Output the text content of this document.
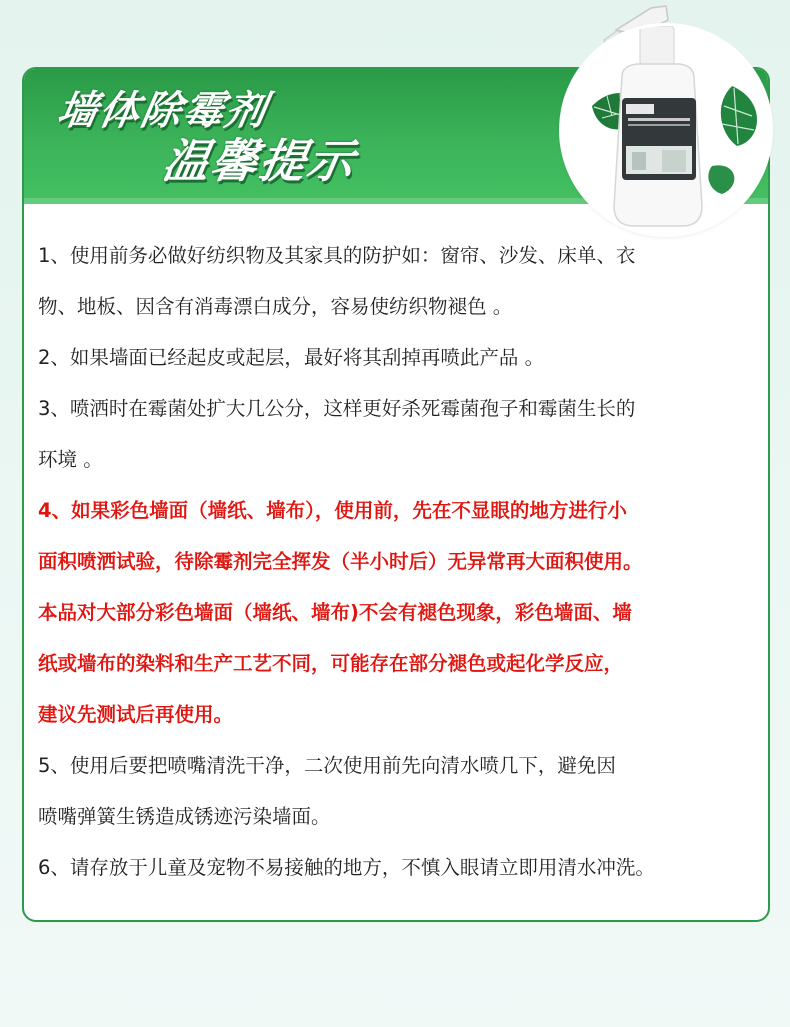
墙体除霉剂
温馨提示

1、使用前务必做好纺织物及其家具的防护如：窗帘、沙发、床单、衣
物、地板、因含有消毒漂白成分，容易使纺织物褪色 。

2、如果墙面已经起皮或起层，最好将其刮掉再喷此产品 。

3、喷洒时在霉菌处扩大几公分，这样更好杀死霉菌孢子和霉菌生长的
环境 。

4、如果彩色墙面（墙纸、墙布），使用前，先在不显眼的地方进行小
面积喷洒试验，待除霉剂完全挥发（半小时后）无异常再大面积使用。
本品对大部分彩色墙面（墙纸、墙布)不会有褪色现象，彩色墙面、墙
纸或墙布的染料和生产工艺不同，可能存在部分褪色或起化学反应，
建议先测试后再使用。

5、使用后要把喷嘴清洗干净，二次使用前先向清水喷几下，避免因
喷嘴弹簧生锈造成锈迹污染墙面。

6、请存放于儿童及宠物不易接触的地方，不慎入眼请立即用清水冲洗。
